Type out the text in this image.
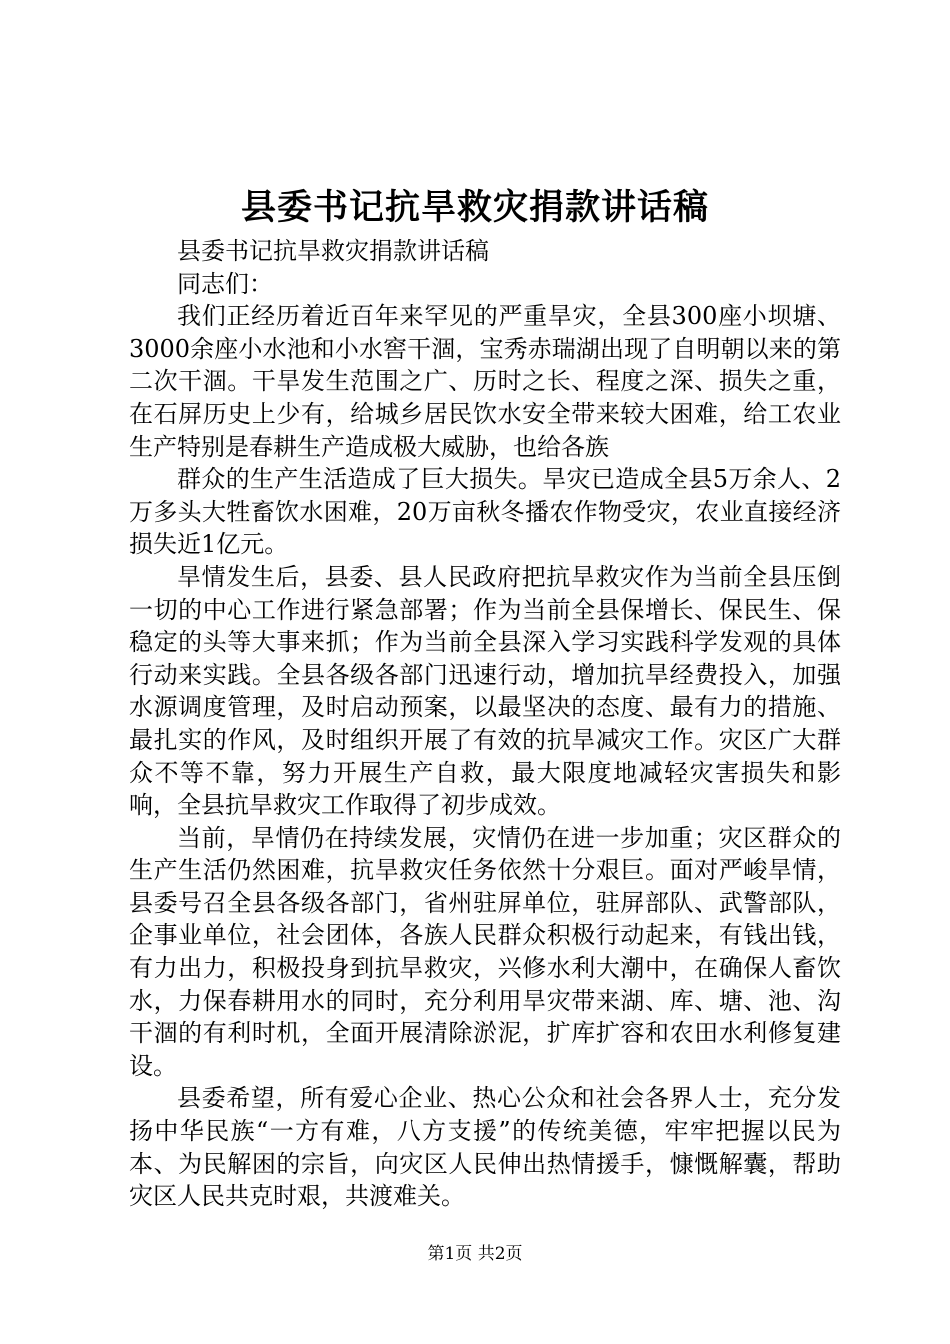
县委书记抗旱救灾捐款讲话稿

县委书记抗旱救灾捐款讲话稿

同志们：

我们正经历着近百年来罕见的严重旱灾，全县300座小坝塘、3000余座小水池和小水窖干涸，宝秀赤瑞湖出现了自明朝以来的第二次干涸。干旱发生范围之广、历时之长、程度之深、损失之重，在石屏历史上少有，给城乡居民饮水安全带来较大困难，给工农业生产特别是春耕生产造成极大威胁，也给各族

群众的生产生活造成了巨大损失。旱灾已造成全县5万余人、2万多头大牲畜饮水困难，20万亩秋冬播农作物受灾，农业直接经济损失近1亿元。

旱情发生后，县委、县人民政府把抗旱救灾作为当前全县压倒一切的中心工作进行紧急部署；作为当前全县保增长、保民生、保稳定的头等大事来抓；作为当前全县深入学习实践科学发观的具体行动来实践。全县各级各部门迅速行动，增加抗旱经费投入，加强水源调度管理，及时启动预案，以最坚决的态度、最有力的措施、最扎实的作风，及时组织开展了有效的抗旱减灾工作。灾区广大群众不等不靠，努力开展生产自救，最大限度地减轻灾害损失和影响，全县抗旱救灾工作取得了初步成效。

当前，旱情仍在持续发展，灾情仍在进一步加重；灾区群众的生产生活仍然困难，抗旱救灾任务依然十分艰巨。面对严峻旱情，县委号召全县各级各部门，省州驻屏单位，驻屏部队、武警部队，企事业单位，社会团体，各族人民群众积极行动起来，有钱出钱，有力出力，积极投身到抗旱救灾，兴修水利大潮中，在确保人畜饮水，力保春耕用水的同时，充分利用旱灾带来湖、库、塘、池、沟干涸的有利时机，全面开展清除淤泥，扩库扩容和农田水利修复建设。

县委希望，所有爱心企业、热心公众和社会各界人士，充分发扬中华民族“一方有难，八方支援”的传统美德，牢牢把握以民为本、为民解困的宗旨，向灾区人民伸出热情援手，慷慨解囊，帮助灾区人民共克时艰，共渡难关。

第1页 共2页
